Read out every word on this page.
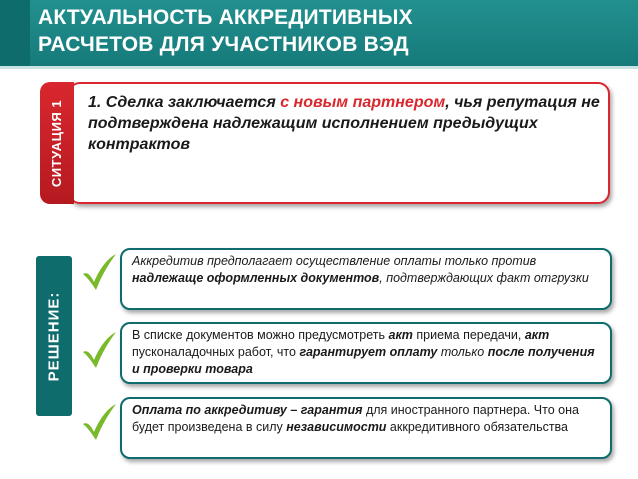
АКТУАЛЬНОСТЬ АККРЕДИТИВНЫХ
РАСЧЕТОВ ДЛЯ УЧАСТНИКОВ ВЭД
1. Сделка заключается с новым партнером, чья репутация не подтверждена надлежащим исполнением предыдущих контрактов
СИТУАЦИЯ 1
РЕШЕНИЕ:
Аккредитив предполагает осуществление оплаты только против надлежаще оформленных документов, подтверждающих факт отгрузки
В списке документов можно предусмотреть акт приема передачи, акт пусконаладочных работ, что гарантирует оплату только после получения и проверки товара
Оплата по аккредитиву – гарантия для иностранного партнера. Что она будет произведена в силу независимости аккредитивного обязательства
